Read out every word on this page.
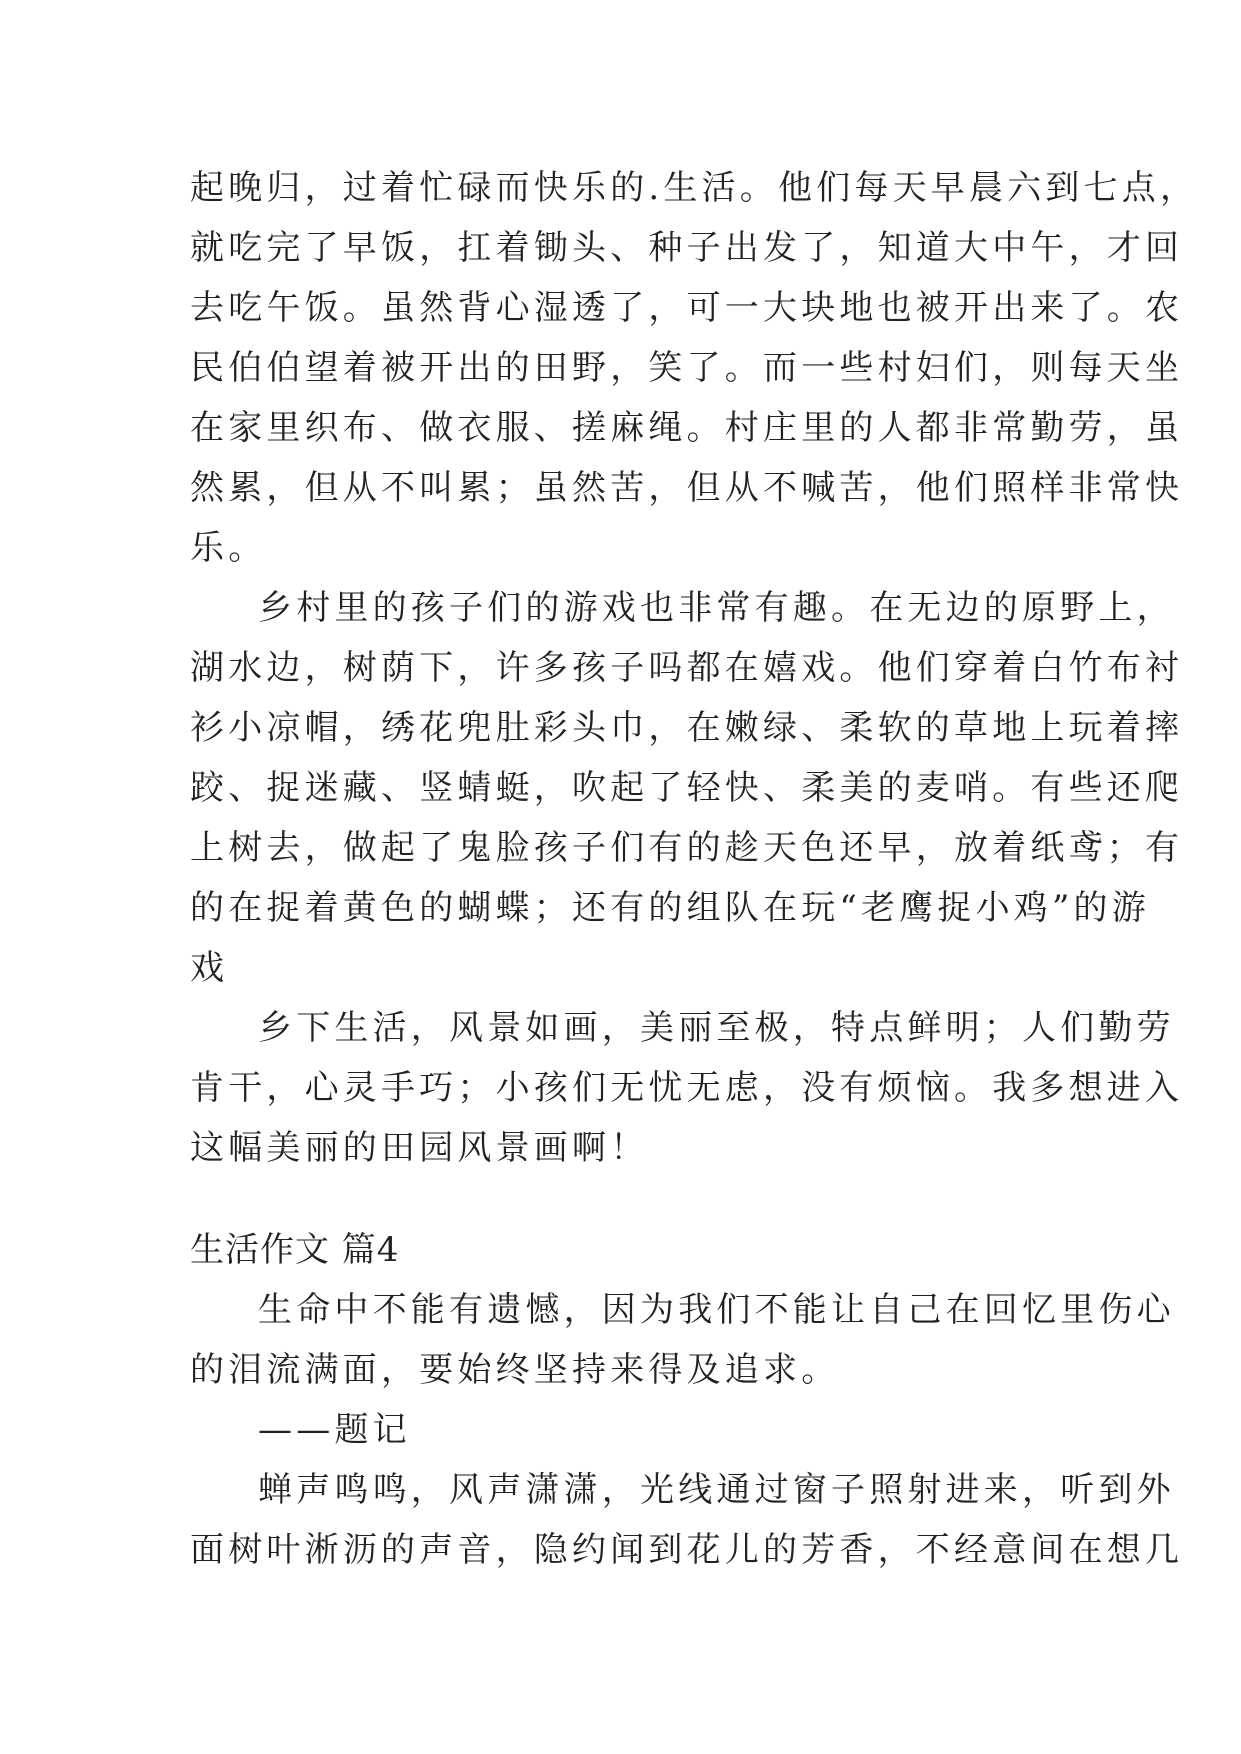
起晚归，过着忙碌而快乐的.生活。他们每天早晨六到七点，
就吃完了早饭，扛着锄头、种子出发了，知道大中午，才回
去吃午饭。虽然背心湿透了，可一大块地也被开出来了。农
民伯伯望着被开出的田野，笑了。而一些村妇们，则每天坐
在家里织布、做衣服、搓麻绳。村庄里的人都非常勤劳，虽
然累，但从不叫累；虽然苦，但从不喊苦，他们照样非常快
乐。
乡村里的孩子们的游戏也非常有趣。在无边的原野上，
湖水边，树荫下，许多孩子吗都在嬉戏。他们穿着白竹布衬
衫小凉帽，绣花兜肚彩头巾，在嫩绿、柔软的草地上玩着摔
跤、捉迷藏、竖蜻蜓，吹起了轻快、柔美的麦哨。有些还爬
上树去，做起了鬼脸孩子们有的趁天色还早，放着纸鸢；有
的在捉着黄色的蝴蝶；还有的组队在玩“老鹰捉小鸡”的游
戏
乡下生活，风景如画，美丽至极，特点鲜明；人们勤劳
肯干，心灵手巧；小孩们无忧无虑，没有烦恼。我多想进入
这幅美丽的田园风景画啊！
生活作文 篇4
生命中不能有遗憾，因为我们不能让自己在回忆里伤心
的泪流满面，要始终坚持来得及追求。
——题记
蝉声鸣鸣，风声潇潇，光线通过窗子照射进来，听到外
面树叶淅沥的声音，隐约闻到花儿的芳香，不经意间在想几
